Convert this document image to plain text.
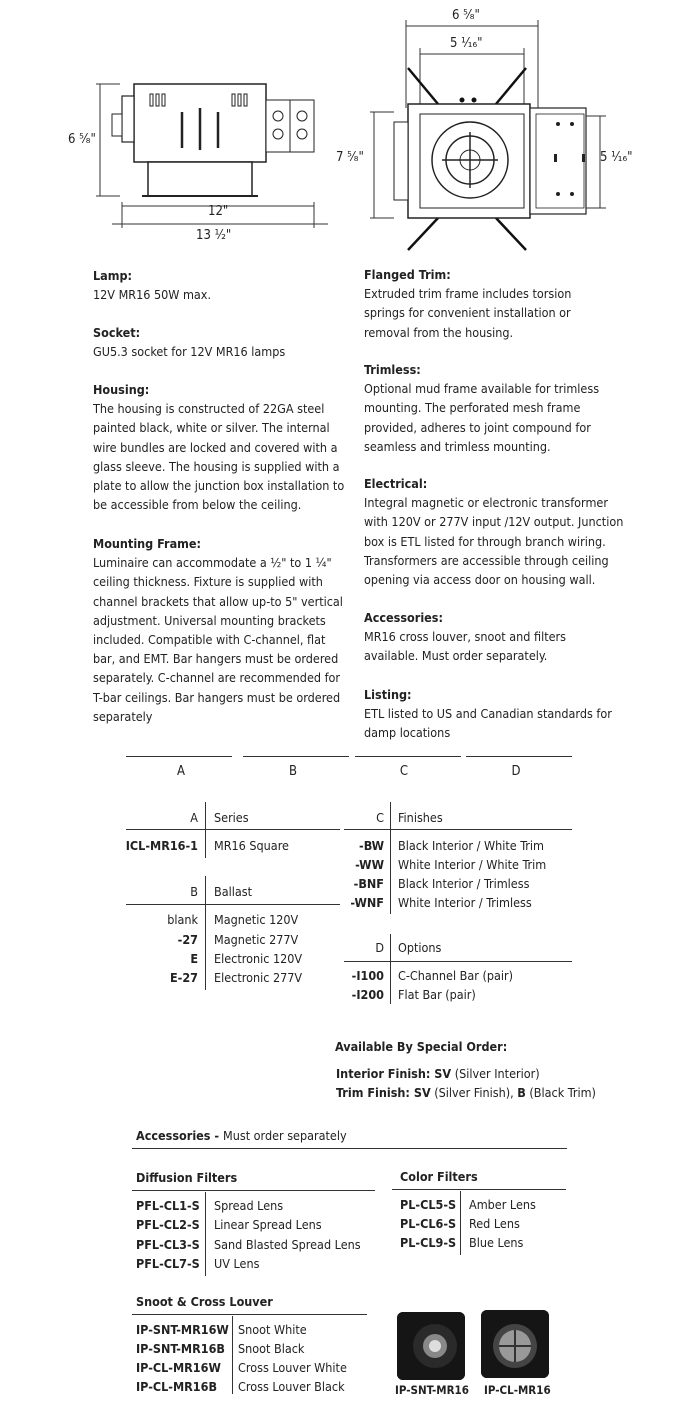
6 ⁵⁄₈"
12"
13 ¹⁄₂"
6 ⁵⁄₈"
5 ¹⁄₁₆"
7 ⁵⁄₈"	5 ¹⁄₁₆"
Lamp:

12V MR16 50W max.

Socket:

GU5.3 socket for 12V MR16 lamps

Housing:

The housing is constructed of 22GA steel painted black, white or silver. The internal wire bundles are locked and covered with a glass sleeve. The housing is supplied with a plate to allow the junction box installation to be accessible from below the ceiling.

Mounting Frame:

Luminaire can accommodate a ½" to 1 ¼" ceiling thickness. Fixture is supplied with channel brackets that allow up-to 5" vertical adjustment. Universal mounting brackets included. Compatible with C-channel, flat bar, and EMT. Bar hangers must be ordered separately. C-channel are recommended for T-bar ceilings. Bar hangers must be ordered separately

Flanged Trim:

Extruded trim frame includes torsion springs for convenient installation or removal from the housing.

Trimless:

Optional mud frame available for trimless mounting. The perforated mesh frame provided, adheres to joint compound for seamless and trimless mounting.

Electrical:

Integral magnetic or electronic transformer with 120V or 277V input /12V output. Junction box is ETL listed for through branch wiring. Transformers are accessible through ceiling opening via access door on housing wall.

Accessories:

MR16 cross louver, snoot and filters available. Must order separately.

Listing:

ETL listed to US and Canadian standards for damp locations

A	B	C	D
A Series
ICL-MR16-1 MR16 Square
B Ballast
blank Magnetic 120V
-27 Magnetic 277V
E Electronic 120V
E-27 Electronic 277V
C Finishes
-BW Black Interior / White Trim
-WW White Interior / White Trim
-BNF Black Interior / Trimless
-WNF White Interior / Trimless
D Options
-I100 C-Channel Bar (pair)
-I200 Flat Bar (pair)
Available By Special Order:
Interior Finish: SV (Silver Interior)
Trim Finish: SV (Silver Finish), B (Black Trim)
Accessories - Must order separately
Diffusion Filters
PFL-CL1-S Spread Lens
PFL-CL2-S Linear Spread Lens
PFL-CL3-S Sand Blasted Spread Lens
PFL-CL7-S UV Lens
Color Filters
PL-CL5-S Amber Lens
PL-CL6-S Red Lens
PL-CL9-S Blue Lens
Snoot & Cross Louver
IP-SNT-MR16W Snoot White
IP-SNT-MR16B Snoot Black
IP-CL-MR16W Cross Louver White
IP-CL-MR16B Cross Louver Black	IP-SNT-MR16 IP-CL-MR16
